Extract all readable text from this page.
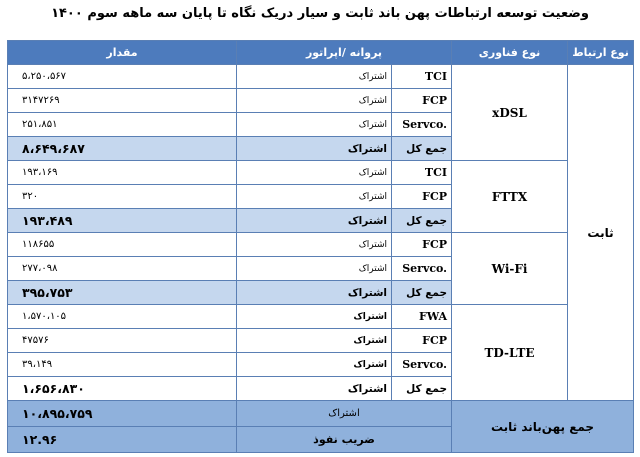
وضعیت توسعه ارتباطات پهن باند ثابت و سیار دریک نگاه تا پایان سه ماهه سوم ۱۴۰۰
نوع ارتباط	نوع فناوری	پروانه /اپراتور		مقدار
ثابت	xDSL	TCI	اشتراک	۵،۲۵۰،۵۶۷
		FCP	اشتراک	۳۱۴۷۲۶۹
		Servco.	اشتراک	۲۵۱،۸۵۱
		جمع کل	اشتراک	۸،۶۴۹،۶۸۷
	FTTX	TCI	اشتراک	۱۹۳،۱۶۹
		FCP	اشتراک	۳۲۰
		جمع کل	اشتراک	۱۹۳،۴۸۹
	Wi-Fi	FCP	اشتراک	۱۱۸۶۵۵
		Servco.	اشتراک	۲۷۷،۰۹۸
		جمع کل	اشتراک	۳۹۵،۷۵۳
	TD-LTE	FWA	اشتراک	۱،۵۷۰،۱۰۵
		FCP	اشتراک	۴۷۵۷۶
		Servco.	اشتراک	۳۹،۱۴۹
		جمع کل	اشتراک	۱،۶۵۶،۸۳۰
جمع پهن‌باند ثابت		اشتراک		۱۰،۸۹۵،۷۵۹
		ضریب نفوذ		۱۲.۹۶
